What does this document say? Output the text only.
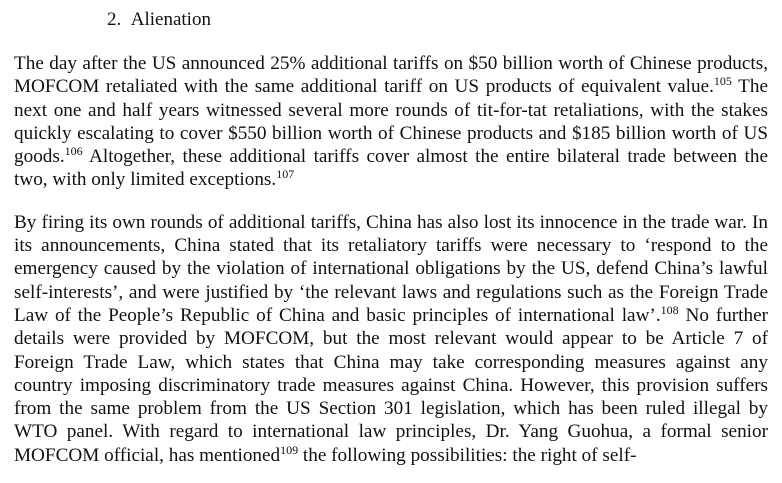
2. Alienation

The day after the US announced 25% additional tariffs on $50 billion worth of Chinese products, MOFCOM retaliated with the same additional tariff on US products of equivalent value.$^{105}$ The next one and half years witnessed several more rounds of tit-for-tat retaliations, with the stakes quickly escalating to cover $550 billion worth of Chinese products and $185 billion worth of US goods.$^{106}$ Altogether, these additional tariffs cover almost the entire bilateral trade between the two, with only limited exceptions.$^{107}$

By firing its own rounds of additional tariffs, China has also lost its innocence in the trade war. In its announcements, China stated that its retaliatory tariffs were necessary to ‘respond to the emergency caused by the violation of international obligations by the US, defend China’s lawful self-interests’, and were justified by ‘the relevant laws and regulations such as the Foreign Trade Law of the People’s Republic of China and basic principles of international law’.$^{108}$ No further details were provided by MOFCOM, but the most relevant would appear to be Article 7 of Foreign Trade Law, which states that China may take corresponding measures against any country imposing discriminatory trade measures against China. However, this provision suffers from the same problem from the US Section 301 legislation, which has been ruled illegal by WTO panel. With regard to international law principles, Dr. Yang Guohua, a formal senior MOFCOM official, has mentioned$^{109}$ the following possibilities: the right of self-
